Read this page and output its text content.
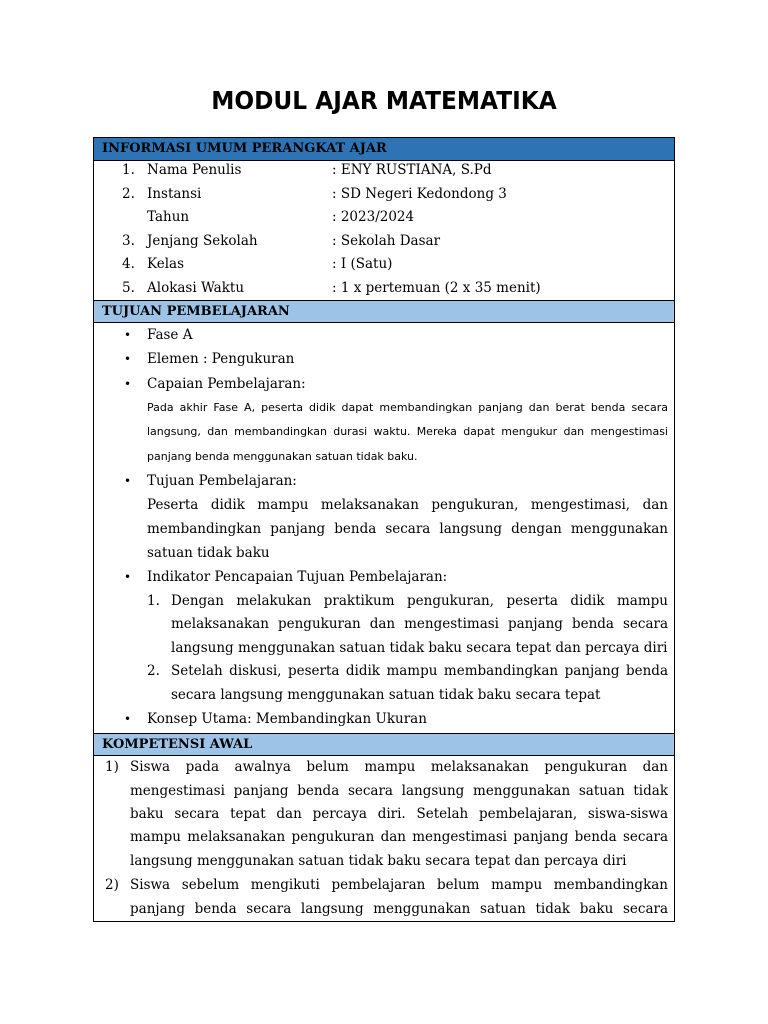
MODUL AJAR MATEMATIKA
INFORMASI UMUM PERANGKAT AJAR
1. Nama Penulis	: ENY RUSTIANA, S.Pd
2. Instansi	: SD Negeri Kedondong 3
Tahun	: 2023/2024
3. Jenjang Sekolah	: Sekolah Dasar
4. Kelas	: I (Satu)
5. Alokasi Waktu	: 1 x pertemuan (2 x 35 menit)
TUJUAN PEMBELAJARAN
• Fase A
• Elemen : Pengukuran
• Capaian Pembelajaran:
Pada akhir Fase A, peserta didik dapat membandingkan panjang dan berat benda secara
langsung, dan membandingkan durasi waktu. Mereka dapat mengukur dan mengestimasi
panjang benda menggunakan satuan tidak baku.
• Tujuan Pembelajaran:
Peserta didik mampu melaksanakan pengukuran, mengestimasi, dan
membandingkan panjang benda secara langsung dengan menggunakan
satuan tidak baku
• Indikator Pencapaian Tujuan Pembelajaran:
1. Dengan melakukan praktikum pengukuran, peserta didik mampu
melaksanakan pengukuran dan mengestimasi panjang benda secara
langsung menggunakan satuan tidak baku secara tepat dan percaya diri
2. Setelah diskusi, peserta didik mampu membandingkan panjang benda
secara langsung menggunakan satuan tidak baku secara tepat
• Konsep Utama: Membandingkan Ukuran
KOMPETENSI AWAL
1) Siswa pada awalnya belum mampu melaksanakan pengukuran dan
mengestimasi panjang benda secara langsung menggunakan satuan tidak
baku secara tepat dan percaya diri. Setelah pembelajaran, siswa-siswa
mampu melaksanakan pengukuran dan mengestimasi panjang benda secara
langsung menggunakan satuan tidak baku secara tepat dan percaya diri
2) Siswa sebelum mengikuti pembelajaran belum mampu membandingkan
panjang benda secara langsung menggunakan satuan tidak baku secara
